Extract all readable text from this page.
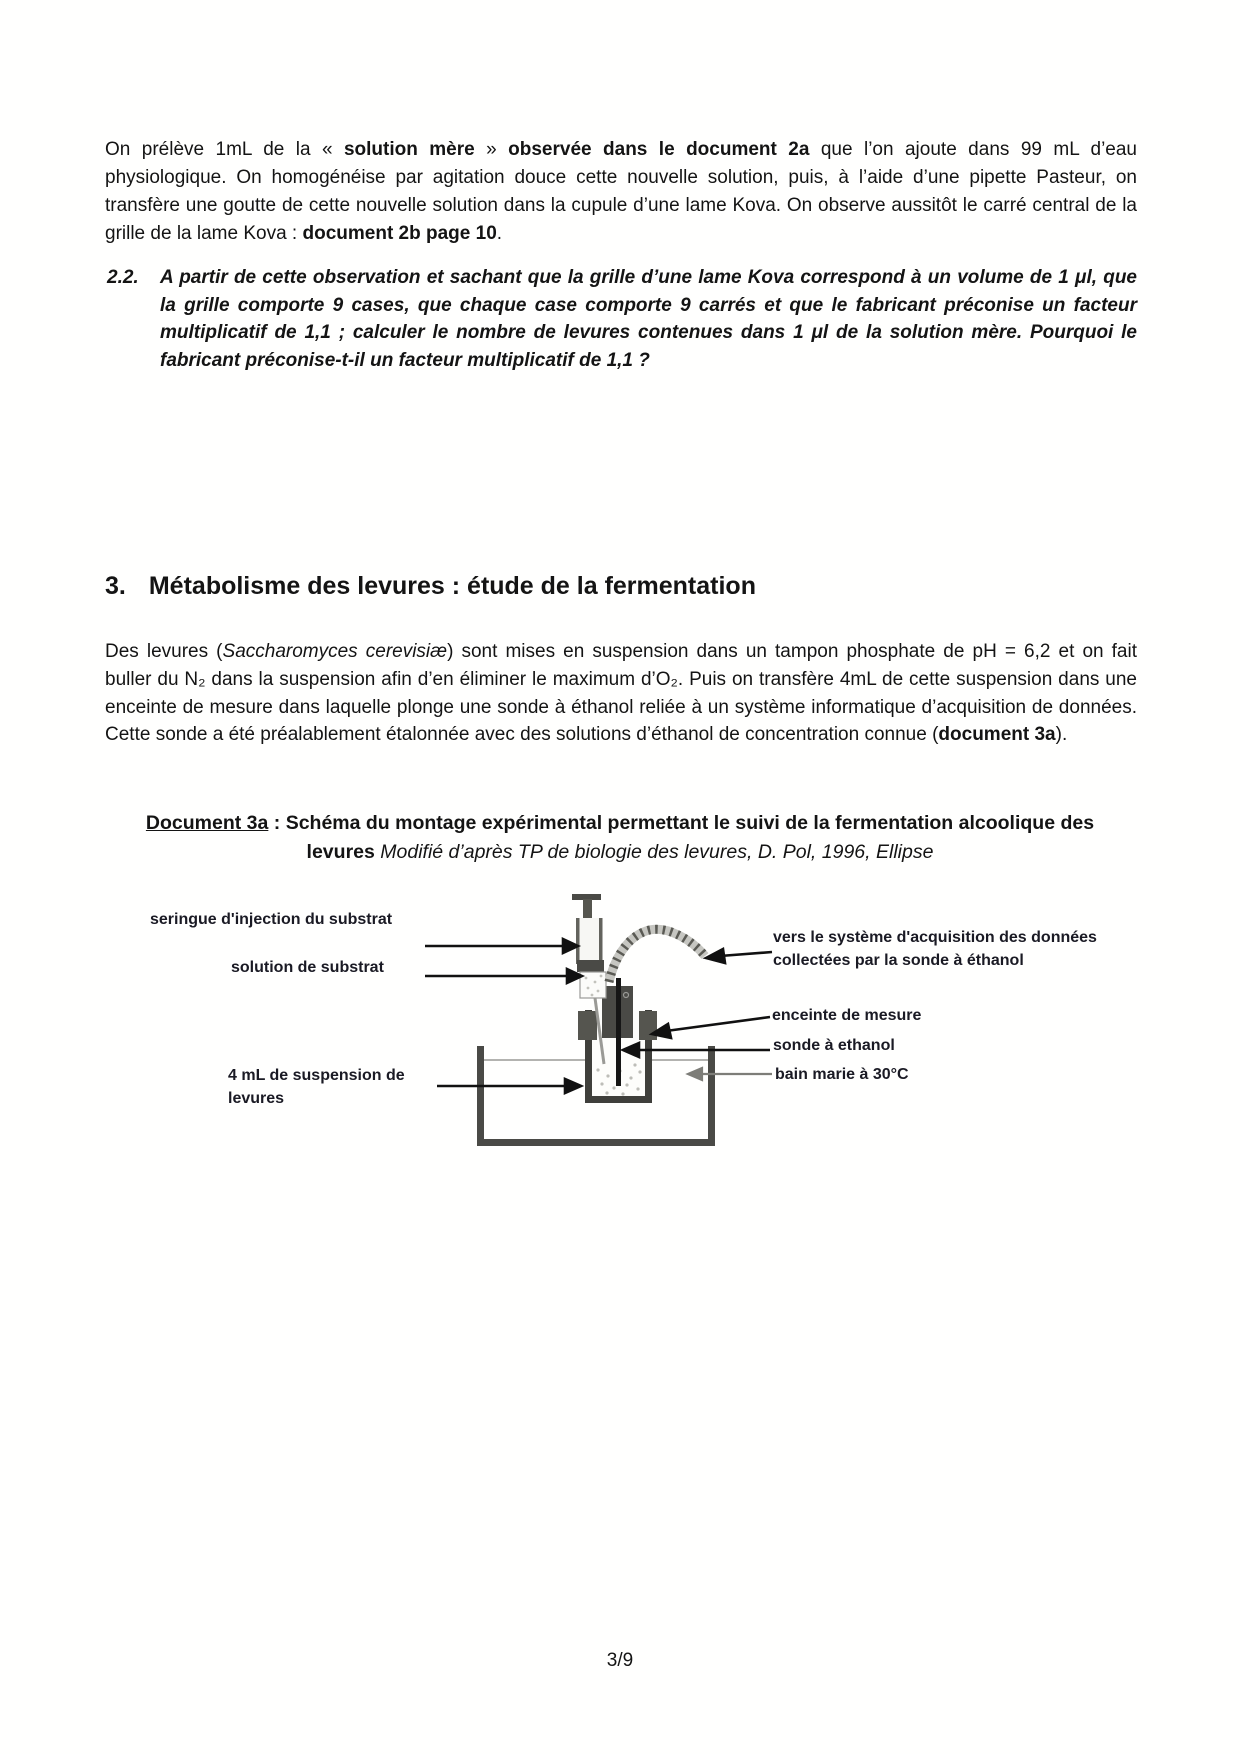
On prélève 1mL de la « solution mère » observée dans le document 2a que l’on ajoute dans 99 mL d’eau physiologique. On homogénéise par agitation douce cette nouvelle solution, puis, à l’aide d’une pipette Pasteur, on transfère une goutte de cette nouvelle solution dans la cupule d’une lame Kova. On observe aussitôt le carré central de la grille de la lame Kova : document 2b page 10.

2.2. A partir de cette observation et sachant que la grille d’une lame Kova correspond à un volume de 1 μl, que la grille comporte 9 cases, que chaque case comporte 9 carrés et que le fabricant préconise un facteur multiplicatif de 1,1 ; calculer le nombre de levures contenues dans 1 μl de la solution mère. Pourquoi le fabricant préconise-t-il un facteur multiplicatif de 1,1 ?
3. Métabolisme des levures : étude de la fermentation

Des levures (Saccharomyces cerevisiæ) sont mises en suspension dans un tampon phosphate de pH = 6,2 et on fait buller du N₂ dans la suspension afin d’en éliminer le maximum d’O₂. Puis on transfère 4mL de cette suspension dans une enceinte de mesure dans laquelle plonge une sonde à éthanol reliée à un système informatique d’acquisition de données. Cette sonde a été préalablement étalonnée avec des solutions d’éthanol de concentration connue (document 3a).

Document 3a : Schéma du montage expérimental permettant le suivi de la fermentation alcoolique des levures Modifié d’après TP de biologie des levures, D. Pol, 1996, Ellipse
seringue d'injection du substrat
solution de substrat
vers le système d'acquisition des données
collectées par la sonde à éthanol
enceinte de mesure
sonde à ethanol
bain marie à 30°C
4 mL de suspension de
levures
3/9
